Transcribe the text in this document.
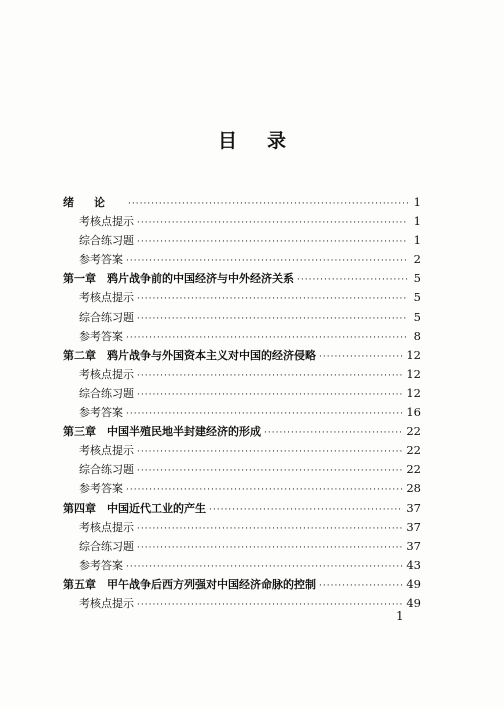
目 录
绪论 ·····	1
考核点提示 ·····	1
综合练习题 ·····	1
参考答案 ·····	2
第一章　鸦片战争前的中国经济与中外经济关系 ·····	5
考核点提示 ·····	5
综合练习题 ·····	5
参考答案 ·····	8
第二章　鸦片战争与外国资本主义对中国的经济侵略 ·····	12
考核点提示 ·····	12
综合练习题 ·····	12
参考答案 ·····	16
第三章　中国半殖民地半封建经济的形成 ·····	22
考核点提示 ·····	22
综合练习题 ·····	22
参考答案 ·····	28
第四章　中国近代工业的产生 ·····	37
考核点提示 ·····	37
综合练习题 ·····	37
参考答案 ·····	43
第五章　甲午战争后西方列强对中国经济命脉的控制 ·····	49
考核点提示 ·····	49
1
